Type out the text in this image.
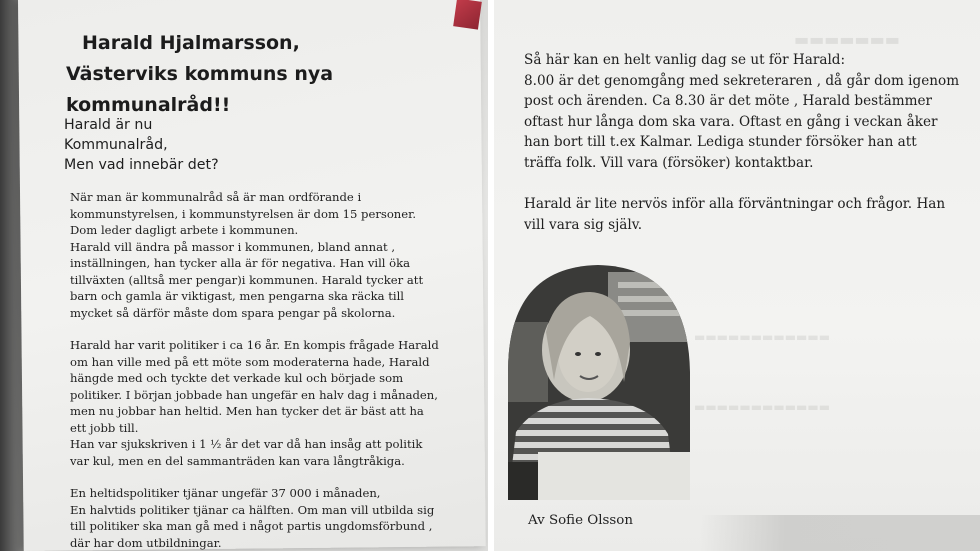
Harald Hjalmarsson,
Västerviks kommuns nya
kommunalråd!!
Harald är nu
Kommunalråd,
Men vad innebär det?

När man är kommunalråd så är man ordförande i
kommunstyrelsen, i kommunstyrelsen är dom 15 personer.
Dom leder dagligt arbete i kommunen.
Harald vill ändra på massor i kommunen, bland annat ,
inställningen, han tycker alla är för negativa. Han vill öka
tillväxten (alltså mer pengar)i kommunen. Harald tycker att
barn och gamla är viktigast, men pengarna ska räcka till
mycket så därför måste dom spara pengar på skolorna.

Harald har varit politiker i ca 16 år. En kompis frågade Harald
om han ville med på ett möte som moderaterna hade, Harald
hängde med och tyckte det verkade kul och började som
politiker. I början jobbade han ungefär en halv dag i månaden,
men nu jobbar han heltid. Men han tycker det är bäst att ha
ett jobb till.
Han var sjukskriven i 1 ½ år det var då han insåg att politik
var kul, men en del sammanträden kan vara långtråkiga.

En heltidspolitiker tjänar ungefär 37 000 i månaden,
En halvtids politiker tjänar ca hälften. Om man vill utbilda sig
till politiker ska man gå med i något partis ungdomsförbund ,
där har dom utbildningar.

▬▬▬▬▬▬▬
▬▬▬▬▬▬▬▬▬▬▬▬
▬▬▬▬▬▬▬▬▬▬▬▬

Så här kan en helt vanlig dag se ut för Harald:
8.00 är det genomgång med sekreteraren , då går dom igenom
post och ärenden. Ca 8.30 är det möte , Harald bestämmer
oftast hur långa dom ska vara. Oftast en gång i veckan åker
han bort till t.ex Kalmar. Lediga stunder försöker han att
träffa folk. Vill vara (försöker) kontaktbar.

Harald är lite nervös inför alla förväntningar och frågor. Han
vill vara sig själv.

Av Sofie Olsson
